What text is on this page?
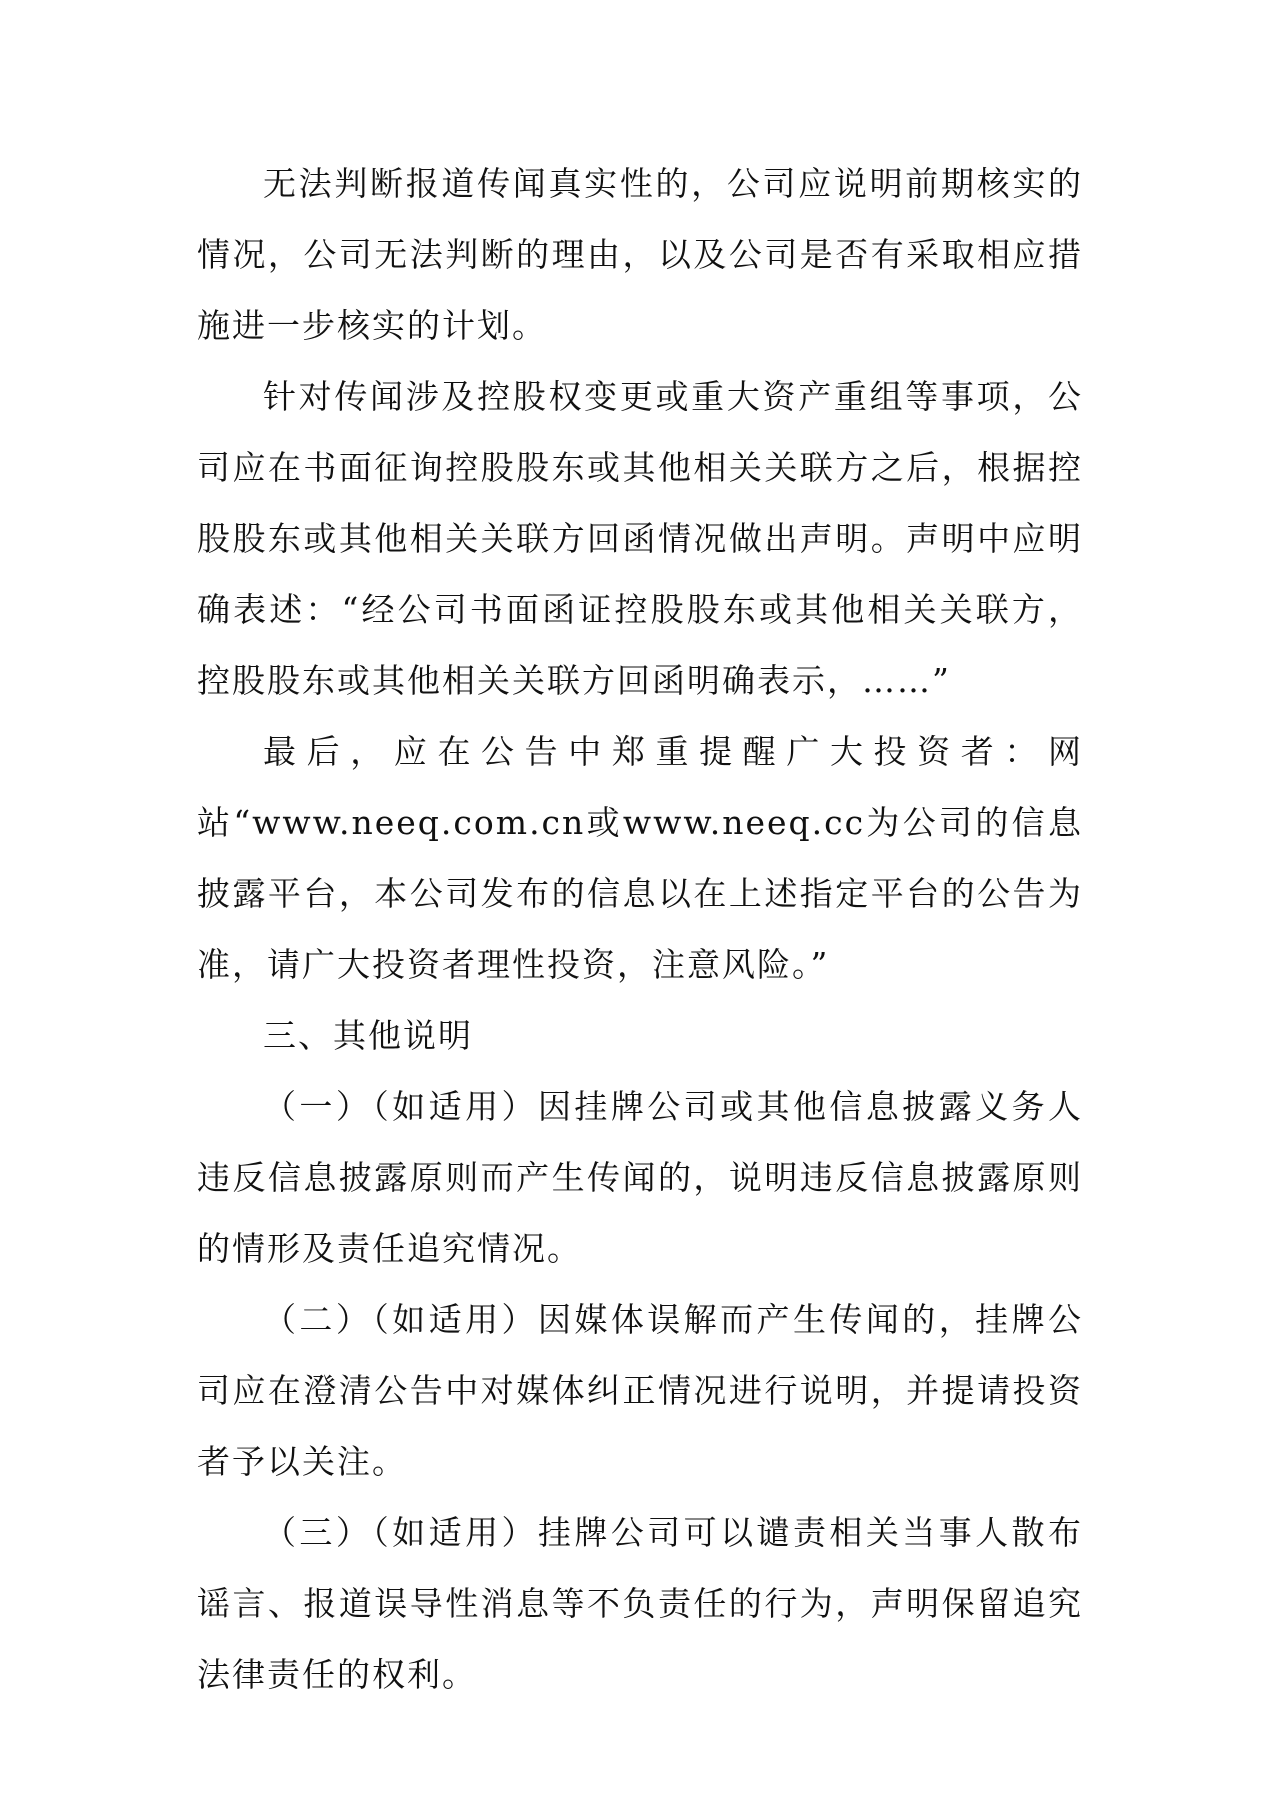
无法判断报道传闻真实性的，公司应说明前期核实的情况，公司无法判断的理由，以及公司是否有采取相应措施进一步核实的计划。

针对传闻涉及控股权变更或重大资产重组等事项，公司应在书面征询控股股东或其他相关关联方之后，根据控股股东或其他相关关联方回函情况做出声明。声明中应明确表述：“经公司书面函证控股股东或其他相关关联方，控股股东或其他相关关联方回函明确表示，……”

最后，应在公告中郑重提醒广大投资者：网站“www.neeq.com.cn或www.neeq.cc为公司的信息披露平台，本公司发布的信息以在上述指定平台的公告为准，请广大投资者理性投资，注意风险。”

三、其他说明

（一）（如适用）因挂牌公司或其他信息披露义务人违反信息披露原则而产生传闻的，说明违反信息披露原则的情形及责任追究情况。

（二）（如适用）因媒体误解而产生传闻的，挂牌公司应在澄清公告中对媒体纠正情况进行说明，并提请投资者予以关注。

（三）（如适用）挂牌公司可以谴责相关当事人散布谣言、报道误导性消息等不负责任的行为，声明保留追究法律责任的权利。
